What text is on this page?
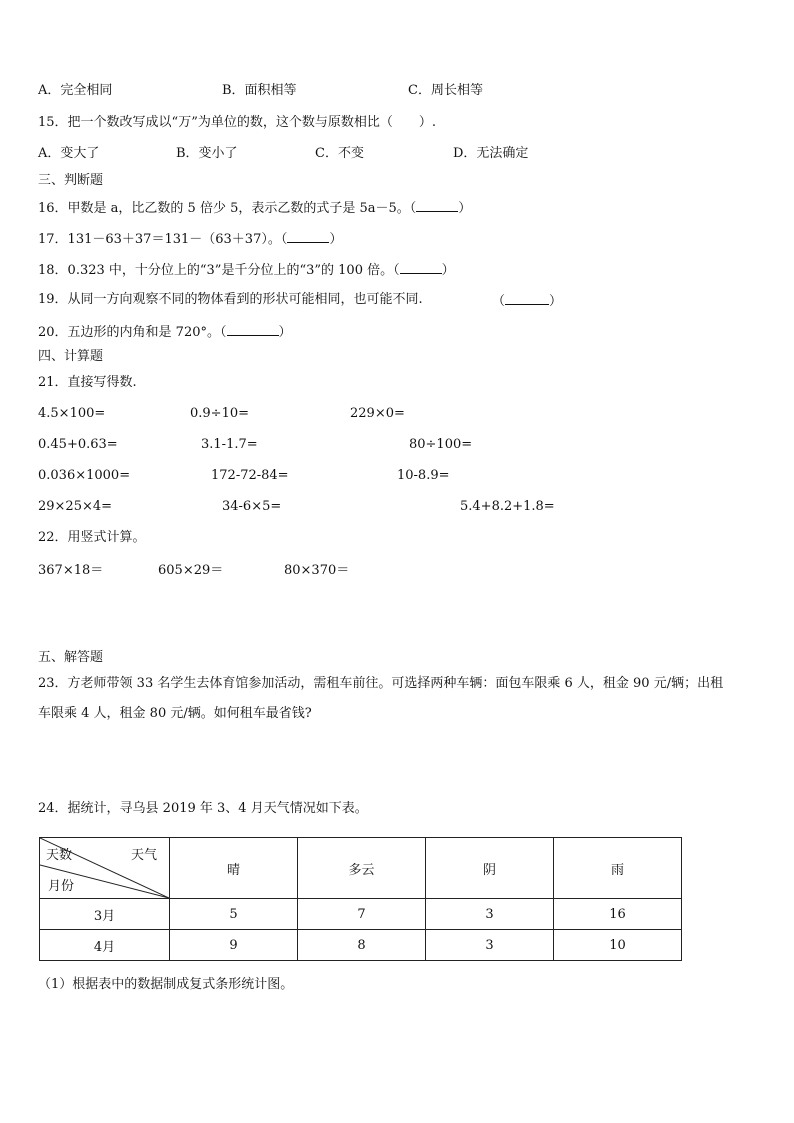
A．完全相同	B．面积相等	C．周长相等
15．把一个数改写成以“万”为单位的数，这个数与原数相比（　　）.
A．变大了	B．变小了	C．不变	D．无法确定
三、判断题
16．甲数是 a，比乙数的 5 倍少 5，表示乙数的式子是 5a－5。（	）
17．131－63＋37＝131－（63＋37）。（	）
18．0.323 中，十分位上的“3”是千分位上的“3”的 100 倍。（	）
19．从同一方向观察不同的物体看到的形状可能相同，也可能不同.	（	）
20．五边形的内角和是 720°。（	）
四、计算题
21．直接写得数.
4.5×100=	0.9÷10=	229×0=
0.45+0.63=	3.1-1.7=	80÷100=
0.036×1000=	172-72-84=	10-8.9=
29×25×4=	34-6×5=	5.4+8.2+1.8=
22．用竖式计算。
367×18＝	605×29＝	80×370＝
五、解答题
23．方老师带领 33 名学生去体育馆参加活动，需租车前往。可选择两种车辆：面包车限乘 6 人，租金 90 元/辆；出租
车限乘 4 人，租金 80 元/辆。如何租车最省钱?
24．据统计，寻乌县 2019 年 3、4 月天气情况如下表。
天数 天气
月份	晴	多云	阴	雨
3月	5	7	3	16
4月	9	8	3	10
（1）根据表中的数据制成复式条形统计图。
